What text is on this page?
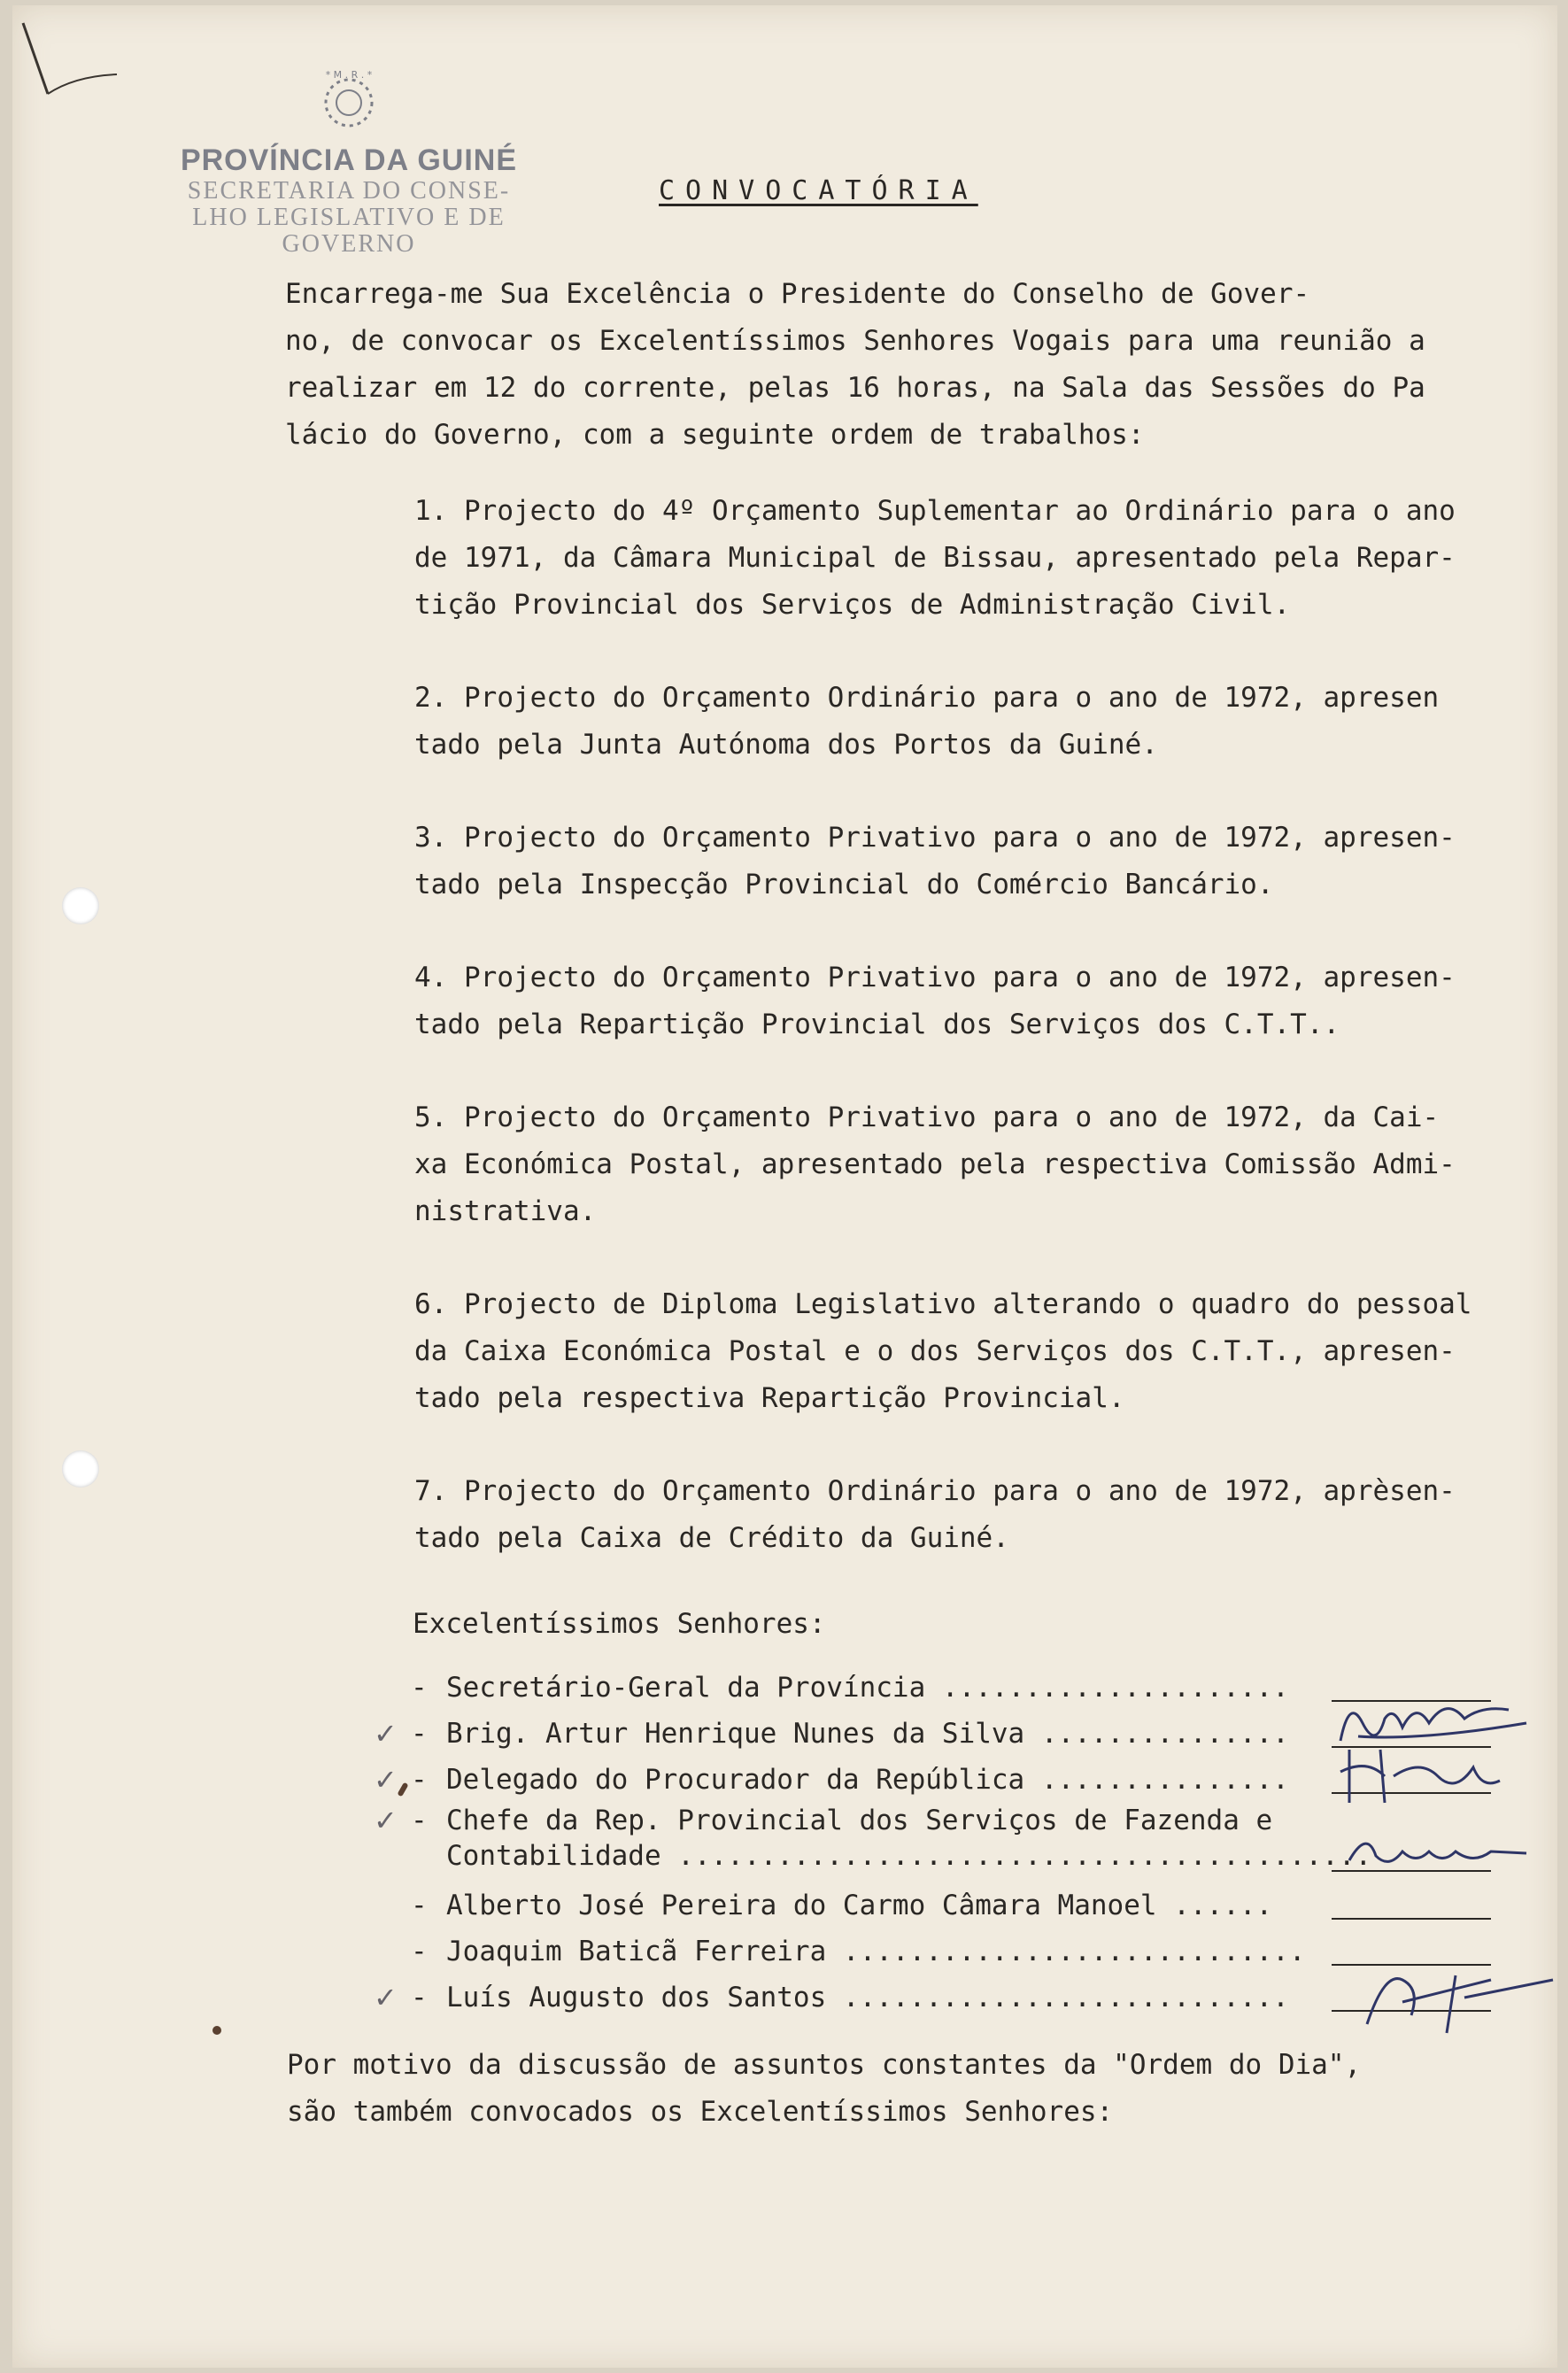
* M . R . *
PROVÍNCIA DA GUINÉ
SECRETARIA DO CONSE-
LHO LEGISLATIVO E DE
GOVERNO
CONVOCATÓRIA
Encarrega-me Sua Excelência o Presidente do Conselho de Gover-
no, de convocar os Excelentíssimos Senhores Vogais para uma reunião a
realizar em 12 do corrente, pelas 16 horas, na Sala das Sessões do Pa
lácio do Governo, com a seguinte ordem de trabalhos:
1. Projecto do 4º Orçamento Suplementar ao Ordinário para o ano
de 1971, da Câmara Municipal de Bissau, apresentado pela Repar-
tição Provincial dos Serviços de Administração Civil.
2. Projecto do Orçamento Ordinário para o ano de 1972, apresen
tado pela Junta Autónoma dos Portos da Guiné.
3. Projecto do Orçamento Privativo para o ano de 1972, apresen-
tado pela Inspecção Provincial do Comércio Bancário.
4. Projecto do Orçamento Privativo para o ano de 1972, apresen-
tado pela Repartição Provincial dos Serviços dos C.T.T..
5. Projecto do Orçamento Privativo para o ano de 1972, da Cai-
xa Económica Postal, apresentado pela respectiva Comissão Admi-
nistrativa.
6. Projecto de Diploma Legislativo alterando o quadro do pessoal
da Caixa Económica Postal e o dos Serviços dos C.T.T., apresen-
tado pela respectiva Repartição Provincial.
7. Projecto do Orçamento Ordinário para o ano de 1972, aprèsen-
tado pela Caixa de Crédito da Guiné.
Excelentíssimos Senhores:

-

Secretário-Geral da Província .....................

✓

-

Brig. Artur Henrique Nunes da Silva ...............

✓

-

Delegado do Procurador da República ...............

✓

-

Chefe da Rep. Provincial dos Serviços de Fazenda e
Contabilidade ..........................................

-

Alberto José Pereira do Carmo Câmara Manoel ......

-

Joaquim Baticã Ferreira ............................

✓

-

Luís Augusto dos Santos ...........................

Por motivo da discussão de assuntos constantes da "Ordem do Dia",
são também convocados os Excelentíssimos Senhores:
